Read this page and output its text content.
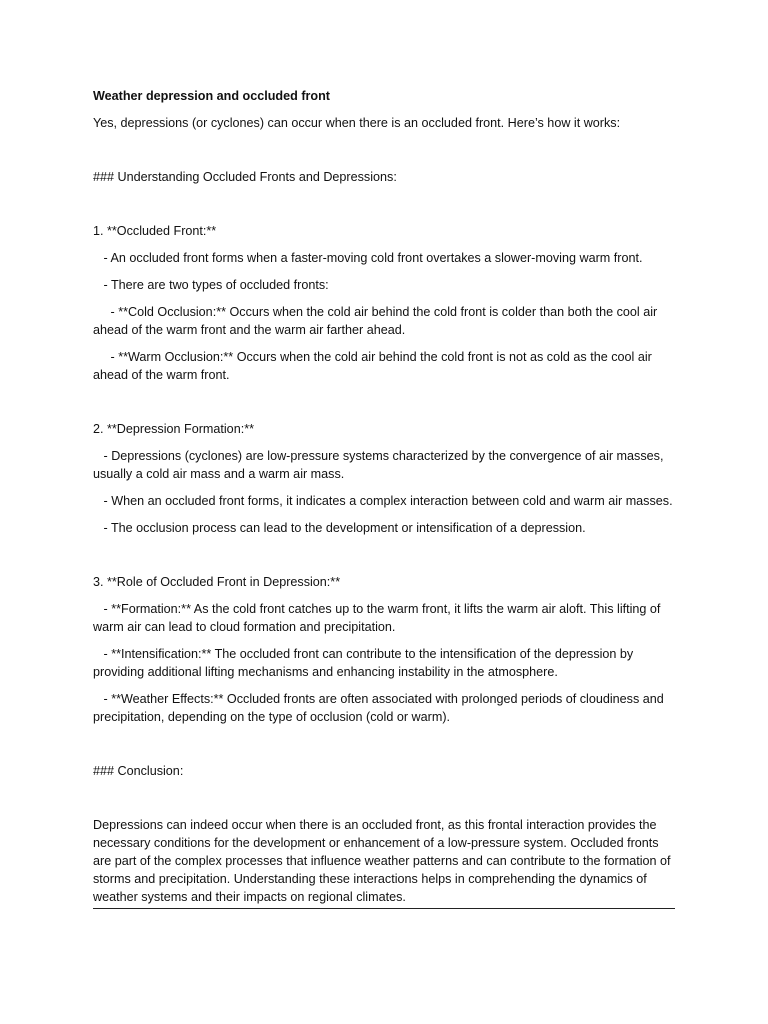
Weather depression and occluded front
Yes, depressions (or cyclones) can occur when there is an occluded front. Here’s how it works:
### Understanding Occluded Fronts and Depressions:
1. **Occluded Front:**
- An occluded front forms when a faster-moving cold front overtakes a slower-moving warm front.
- There are two types of occluded fronts:
- **Cold Occlusion:** Occurs when the cold air behind the cold front is colder than both the cool air ahead of the warm front and the warm air farther ahead.
- **Warm Occlusion:** Occurs when the cold air behind the cold front is not as cold as the cool air ahead of the warm front.
2. **Depression Formation:**
- Depressions (cyclones) are low-pressure systems characterized by the convergence of air masses, usually a cold air mass and a warm air mass.
- When an occluded front forms, it indicates a complex interaction between cold and warm air masses.
- The occlusion process can lead to the development or intensification of a depression.
3. **Role of Occluded Front in Depression:**
- **Formation:** As the cold front catches up to the warm front, it lifts the warm air aloft. This lifting of warm air can lead to cloud formation and precipitation.
- **Intensification:** The occluded front can contribute to the intensification of the depression by providing additional lifting mechanisms and enhancing instability in the atmosphere.
- **Weather Effects:** Occluded fronts are often associated with prolonged periods of cloudiness and precipitation, depending on the type of occlusion (cold or warm).
### Conclusion:
Depressions can indeed occur when there is an occluded front, as this frontal interaction provides the necessary conditions for the development or enhancement of a low-pressure system. Occluded fronts are part of the complex processes that influence weather patterns and can contribute to the formation of storms and precipitation. Understanding these interactions helps in comprehending the dynamics of weather systems and their impacts on regional climates.
